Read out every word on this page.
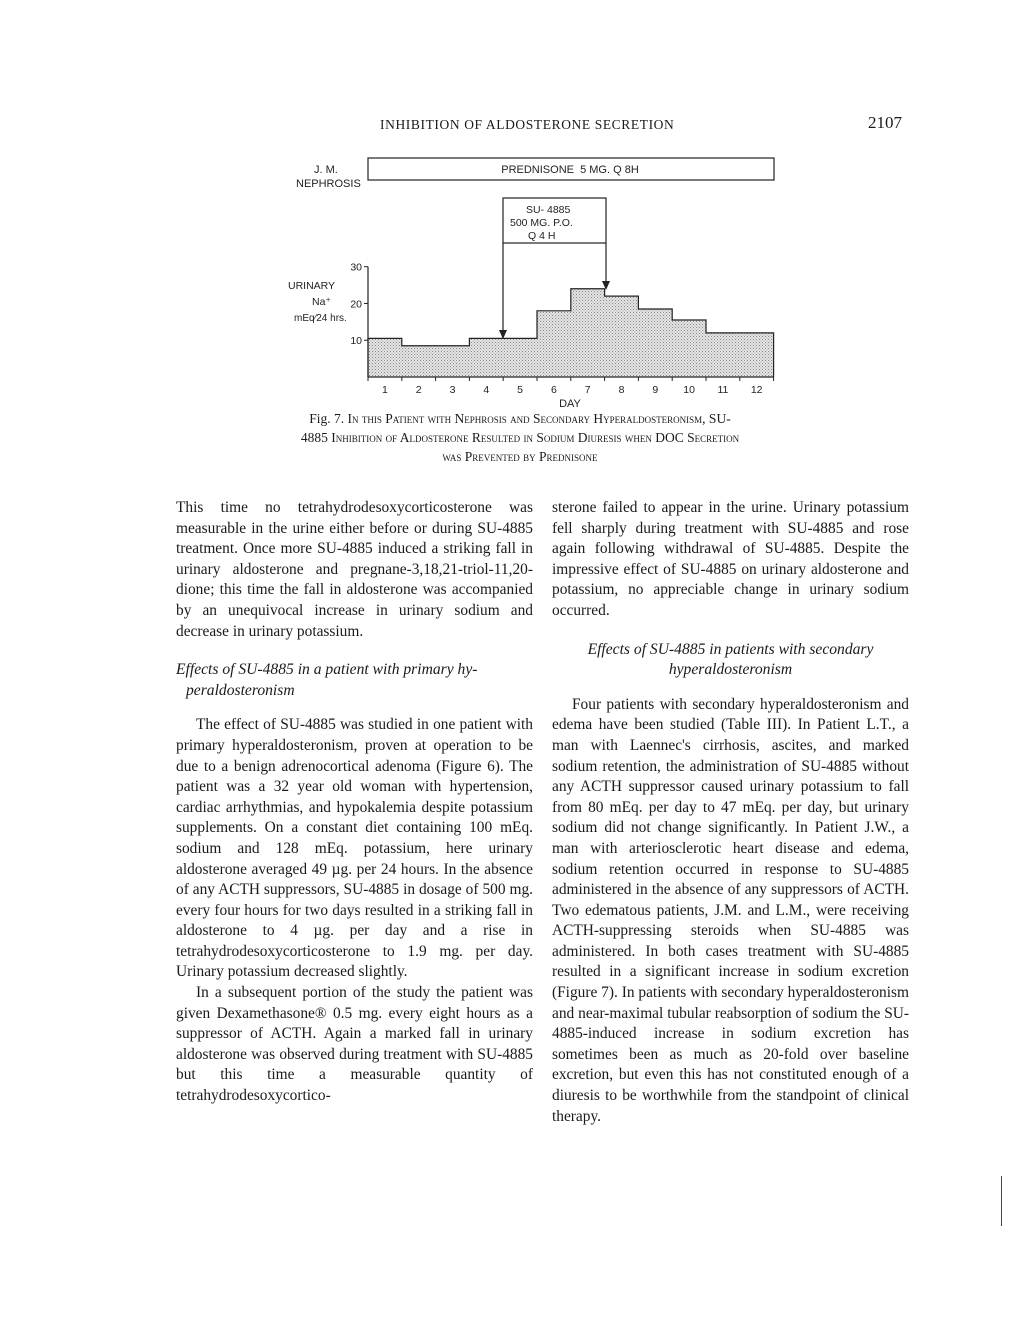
INHIBITION OF ALDOSTERONE SECRETION	2107
J. M.
NEPHROSIS
PREDNISONE  5 MG. Q 8H
SU- 4885
500 MG. P.O.
Q 4 H
URINARY
Na⁺
mEq⁄24 hrs.
10
20
30
1	2	3	4	5	6	7	8	9 10 11 12
DAY
Fig. 7. In this Patient with Nephrosis and Secondary Hyperaldosteronism, SU-4885 Inhibition of Aldosterone Resulted in Sodium Diuresis when DOC Secretion was Prevented by Prednisone

This time no tetrahydrodesoxycorticosterone was measurable in the urine either before or during SU-4885 treatment. Once more SU-4885 induced a striking fall in urinary aldosterone and pregnane-3,18,21-triol-11,20-dione; this time the fall in aldosterone was accompanied by an unequivocal increase in urinary sodium and decrease in urinary potassium.

Effects of SU-4885 in a patient with primary hy-
peraldosteronism

The effect of SU-4885 was studied in one patient with primary hyperaldosteronism, proven at operation to be due to a benign adrenocortical adenoma (Figure 6). The patient was a 32 year old woman with hypertension, cardiac arrhythmias, and hypokalemia despite potassium supplements. On a constant diet containing 100 mEq. sodium and 128 mEq. potassium, here urinary aldosterone averaged 49 µg. per 24 hours. In the absence of any ACTH suppressors, SU-4885 in dosage of 500 mg. every four hours for two days resulted in a striking fall in aldosterone to 4 µg. per day and a rise in tetrahydrodesoxycorticosterone to 1.9 mg. per day. Urinary potassium decreased slightly.

In a subsequent portion of the study the patient was given Dexamethasone® 0.5 mg. every eight hours as a suppressor of ACTH. Again a marked fall in urinary aldosterone was observed during treatment with SU-4885 but this time a measurable quantity of tetrahydrodesoxycortico-

sterone failed to appear in the urine. Urinary potassium fell sharply during treatment with SU-4885 and rose again following withdrawal of SU-4885. Despite the impressive effect of SU-4885 on urinary aldosterone and potassium, no appreciable change in urinary sodium occurred.

Effects of SU-4885 in patients with secondary
hyperaldosteronism

Four patients with secondary hyperaldosteronism and edema have been studied (Table III). In Patient L.T., a man with Laennec's cirrhosis, ascites, and marked sodium retention, the administration of SU-4885 without any ACTH suppressor caused urinary potassium to fall from 80 mEq. per day to 47 mEq. per day, but urinary sodium did not change significantly. In Patient J.W., a man with arteriosclerotic heart disease and edema, sodium retention occurred in response to SU-4885 administered in the absence of any suppressors of ACTH. Two edematous patients, J.M. and L.M., were receiving ACTH-suppressing steroids when SU-4885 was administered. In both cases treatment with SU-4885 resulted in a significant increase in sodium excretion (Figure 7). In patients with secondary hyperaldosteronism and near-maximal tubular reabsorption of sodium the SU-4885-induced increase in sodium excretion has sometimes been as much as 20-fold over baseline excretion, but even this has not constituted enough of a diuresis to be worthwhile from the standpoint of clinical therapy.
